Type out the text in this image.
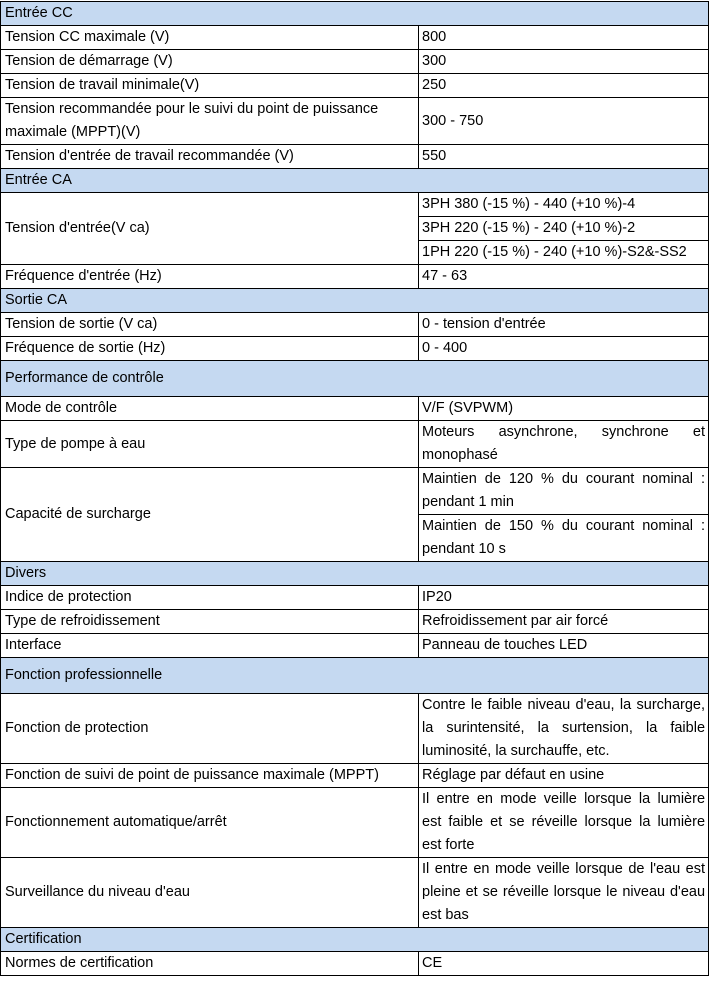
Entrée CC	
Tension CC maximale (V)	800
Tension de démarrage (V)	300
Tension de travail minimale(V)	250
Tension recommandée pour le suivi du point de puissance maximale (MPPT)(V)	300 - 750
Tension d'entrée de travail recommandée (V)	550
Entrée CA	
Tension d'entrée(V ca)	3PH 380 (-15 %) - 440 (+10 %)-4
3PH 220 (-15 %) - 240 (+10 %)-2
1PH 220 (-15 %) - 240 (+10 %)-S2&-SS2

Fréquence d'entrée (Hz)	47 - 63
Sortie CA	
Tension de sortie (V ca)	0 - tension d'entrée
Fréquence de sortie (Hz)	0 - 400
Performance de contrôle	
Mode de contrôle	V/F (SVPWM)
Type de pompe à eau	Moteurs asynchrone, synchrone et monophasé
Capacité de surcharge	Maintien de 120 % du courant nominal : pendant 1 min
Maintien de 150 % du courant nominal : pendant 10 s

Divers	
Indice de protection	IP20
Type de refroidissement	Refroidissement par air forcé
Interface	Panneau de touches LED
Fonction professionnelle	
Fonction de protection	Contre le faible niveau d'eau, la surcharge, la surintensité, la surtension, la faible luminosité, la surchauffe, etc.
Fonction de suivi de point de puissance maximale (MPPT)	Réglage par défaut en usine
Fonctionnement automatique/arrêt	Il entre en mode veille lorsque la lumière est faible et se réveille lorsque la lumière est forte
Surveillance du niveau d'eau	Il entre en mode veille lorsque de l'eau est pleine et se réveille lorsque le niveau d'eau est bas
Certification	
Normes de certification	CE
